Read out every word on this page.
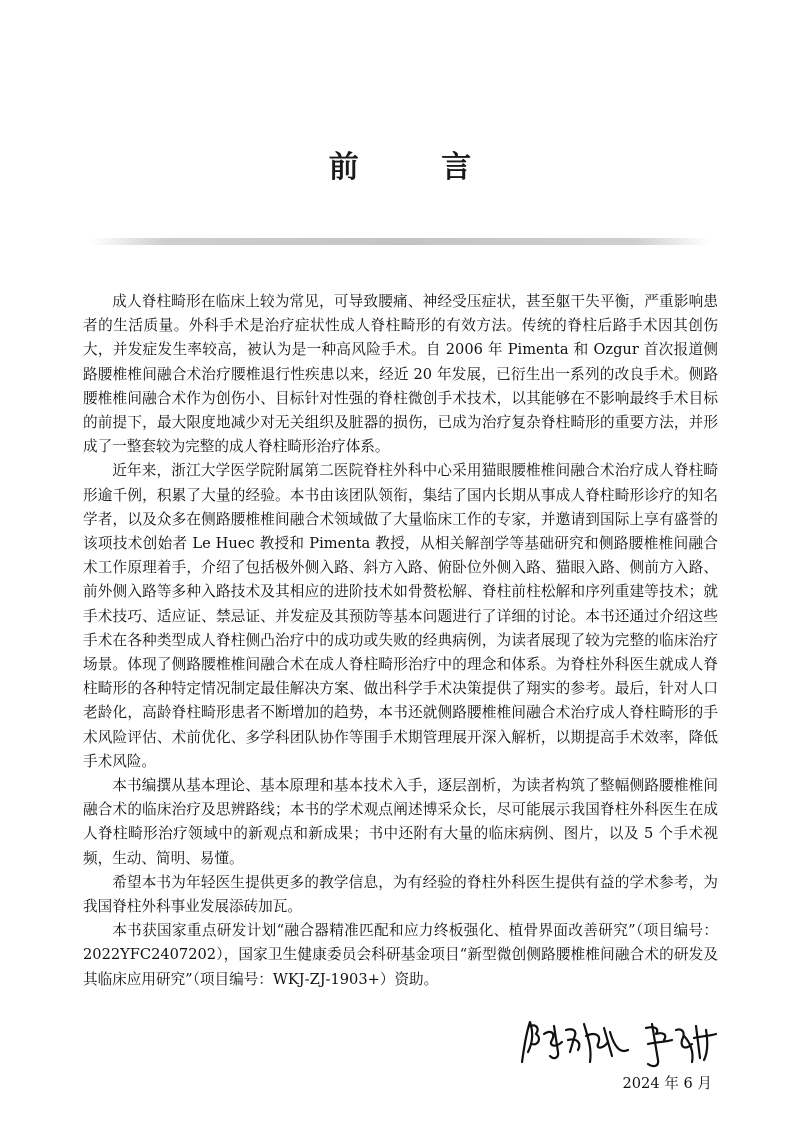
前 言

成人脊柱畸形在临床上较为常见，可导致腰痛、神经受压症状，甚至躯干失平衡，严重影响患者的生活质量。外科手术是治疗症状性成人脊柱畸形的有效方法。传统的脊柱后路手术因其创伤大，并发症发生率较高，被认为是一种高风险手术。自 2006 年 Pimenta 和 Ozgur 首次报道侧路腰椎椎间融合术治疗腰椎退行性疾患以来，经近 20 年发展，已衍生出一系列的改良手术。侧路腰椎椎间融合术作为创伤小、目标针对性强的脊柱微创手术技术，以其能够在不影响最终手术目标的前提下，最大限度地减少对无关组织及脏器的损伤，已成为治疗复杂脊柱畸形的重要方法，并形成了一整套较为完整的成人脊柱畸形治疗体系。

近年来，浙江大学医学院附属第二医院脊柱外科中心采用猫眼腰椎椎间融合术治疗成人脊柱畸形逾千例，积累了大量的经验。本书由该团队领衔，集结了国内长期从事成人脊柱畸形诊疗的知名学者，以及众多在侧路腰椎椎间融合术领域做了大量临床工作的专家，并邀请到国际上享有盛誉的该项技术创始者 Le Huec 教授和 Pimenta 教授，从相关解剖学等基础研究和侧路腰椎椎间融合术工作原理着手，介绍了包括极外侧入路、斜方入路、俯卧位外侧入路、猫眼入路、侧前方入路、前外侧入路等多种入路技术及其相应的进阶技术如骨赘松解、脊柱前柱松解和序列重建等技术；就手术技巧、适应证、禁忌证、并发症及其预防等基本问题进行了详细的讨论。本书还通过介绍这些手术在各种类型成人脊柱侧凸治疗中的成功或失败的经典病例，为读者展现了较为完整的临床治疗场景。体现了侧路腰椎椎间融合术在成人脊柱畸形治疗中的理念和体系。为脊柱外科医生就成人脊柱畸形的各种特定情况制定最佳解决方案、做出科学手术决策提供了翔实的参考。最后，针对人口老龄化，高龄脊柱畸形患者不断增加的趋势，本书还就侧路腰椎椎间融合术治疗成人脊柱畸形的手术风险评估、术前优化、多学科团队协作等围手术期管理展开深入解析，以期提高手术效率，降低手术风险。

本书编撰从基本理论、基本原理和基本技术入手，逐层剖析，为读者构筑了整幅侧路腰椎椎间融合术的临床治疗及思辨路线；本书的学术观点阐述博采众长，尽可能展示我国脊柱外科医生在成人脊柱畸形治疗领域中的新观点和新成果；书中还附有大量的临床病例、图片，以及 5 个手术视频，生动、简明、易懂。

希望本书为年轻医生提供更多的教学信息，为有经验的脊柱外科医生提供有益的学术参考，为我国脊柱外科事业发展添砖加瓦。

本书获国家重点研发计划“融合器精准匹配和应力终板强化、植骨界面改善研究”（项目编号：2022YFC2407202），国家卫生健康委员会科研基金项目“新型微创侧路腰椎椎间融合术的研发及其临床应用研究”（项目编号：WKJ-ZJ-1903+）资助。

2024 年 6 月
